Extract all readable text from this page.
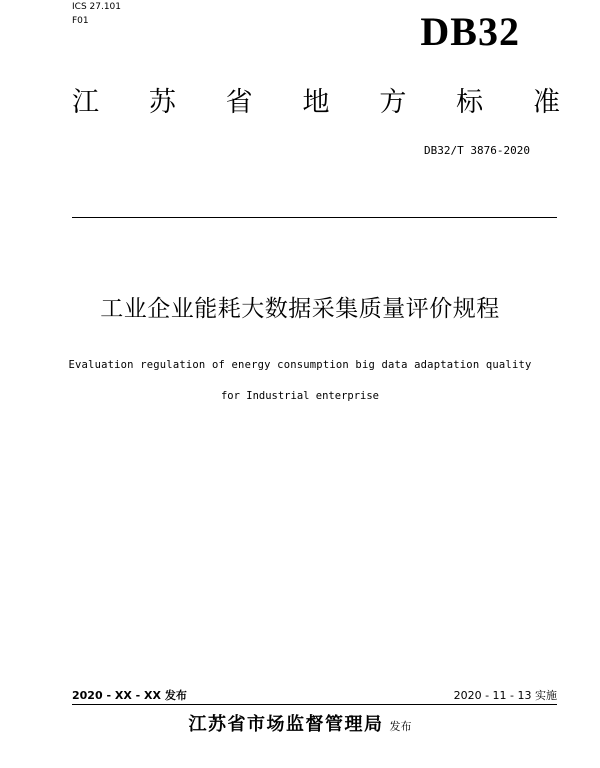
ICS 27.101
F01	DB32
江 苏 省 地 方 标 准
DB32/T 3876-2020
工业企业能耗大数据采集质量评价规程
Evaluation regulation of energy consumption big data adaptation quality
for Industrial enterprise
2020 - XX - XX 发布	2020 - 11 - 13 实施
江苏省市场监督管理局 发布
